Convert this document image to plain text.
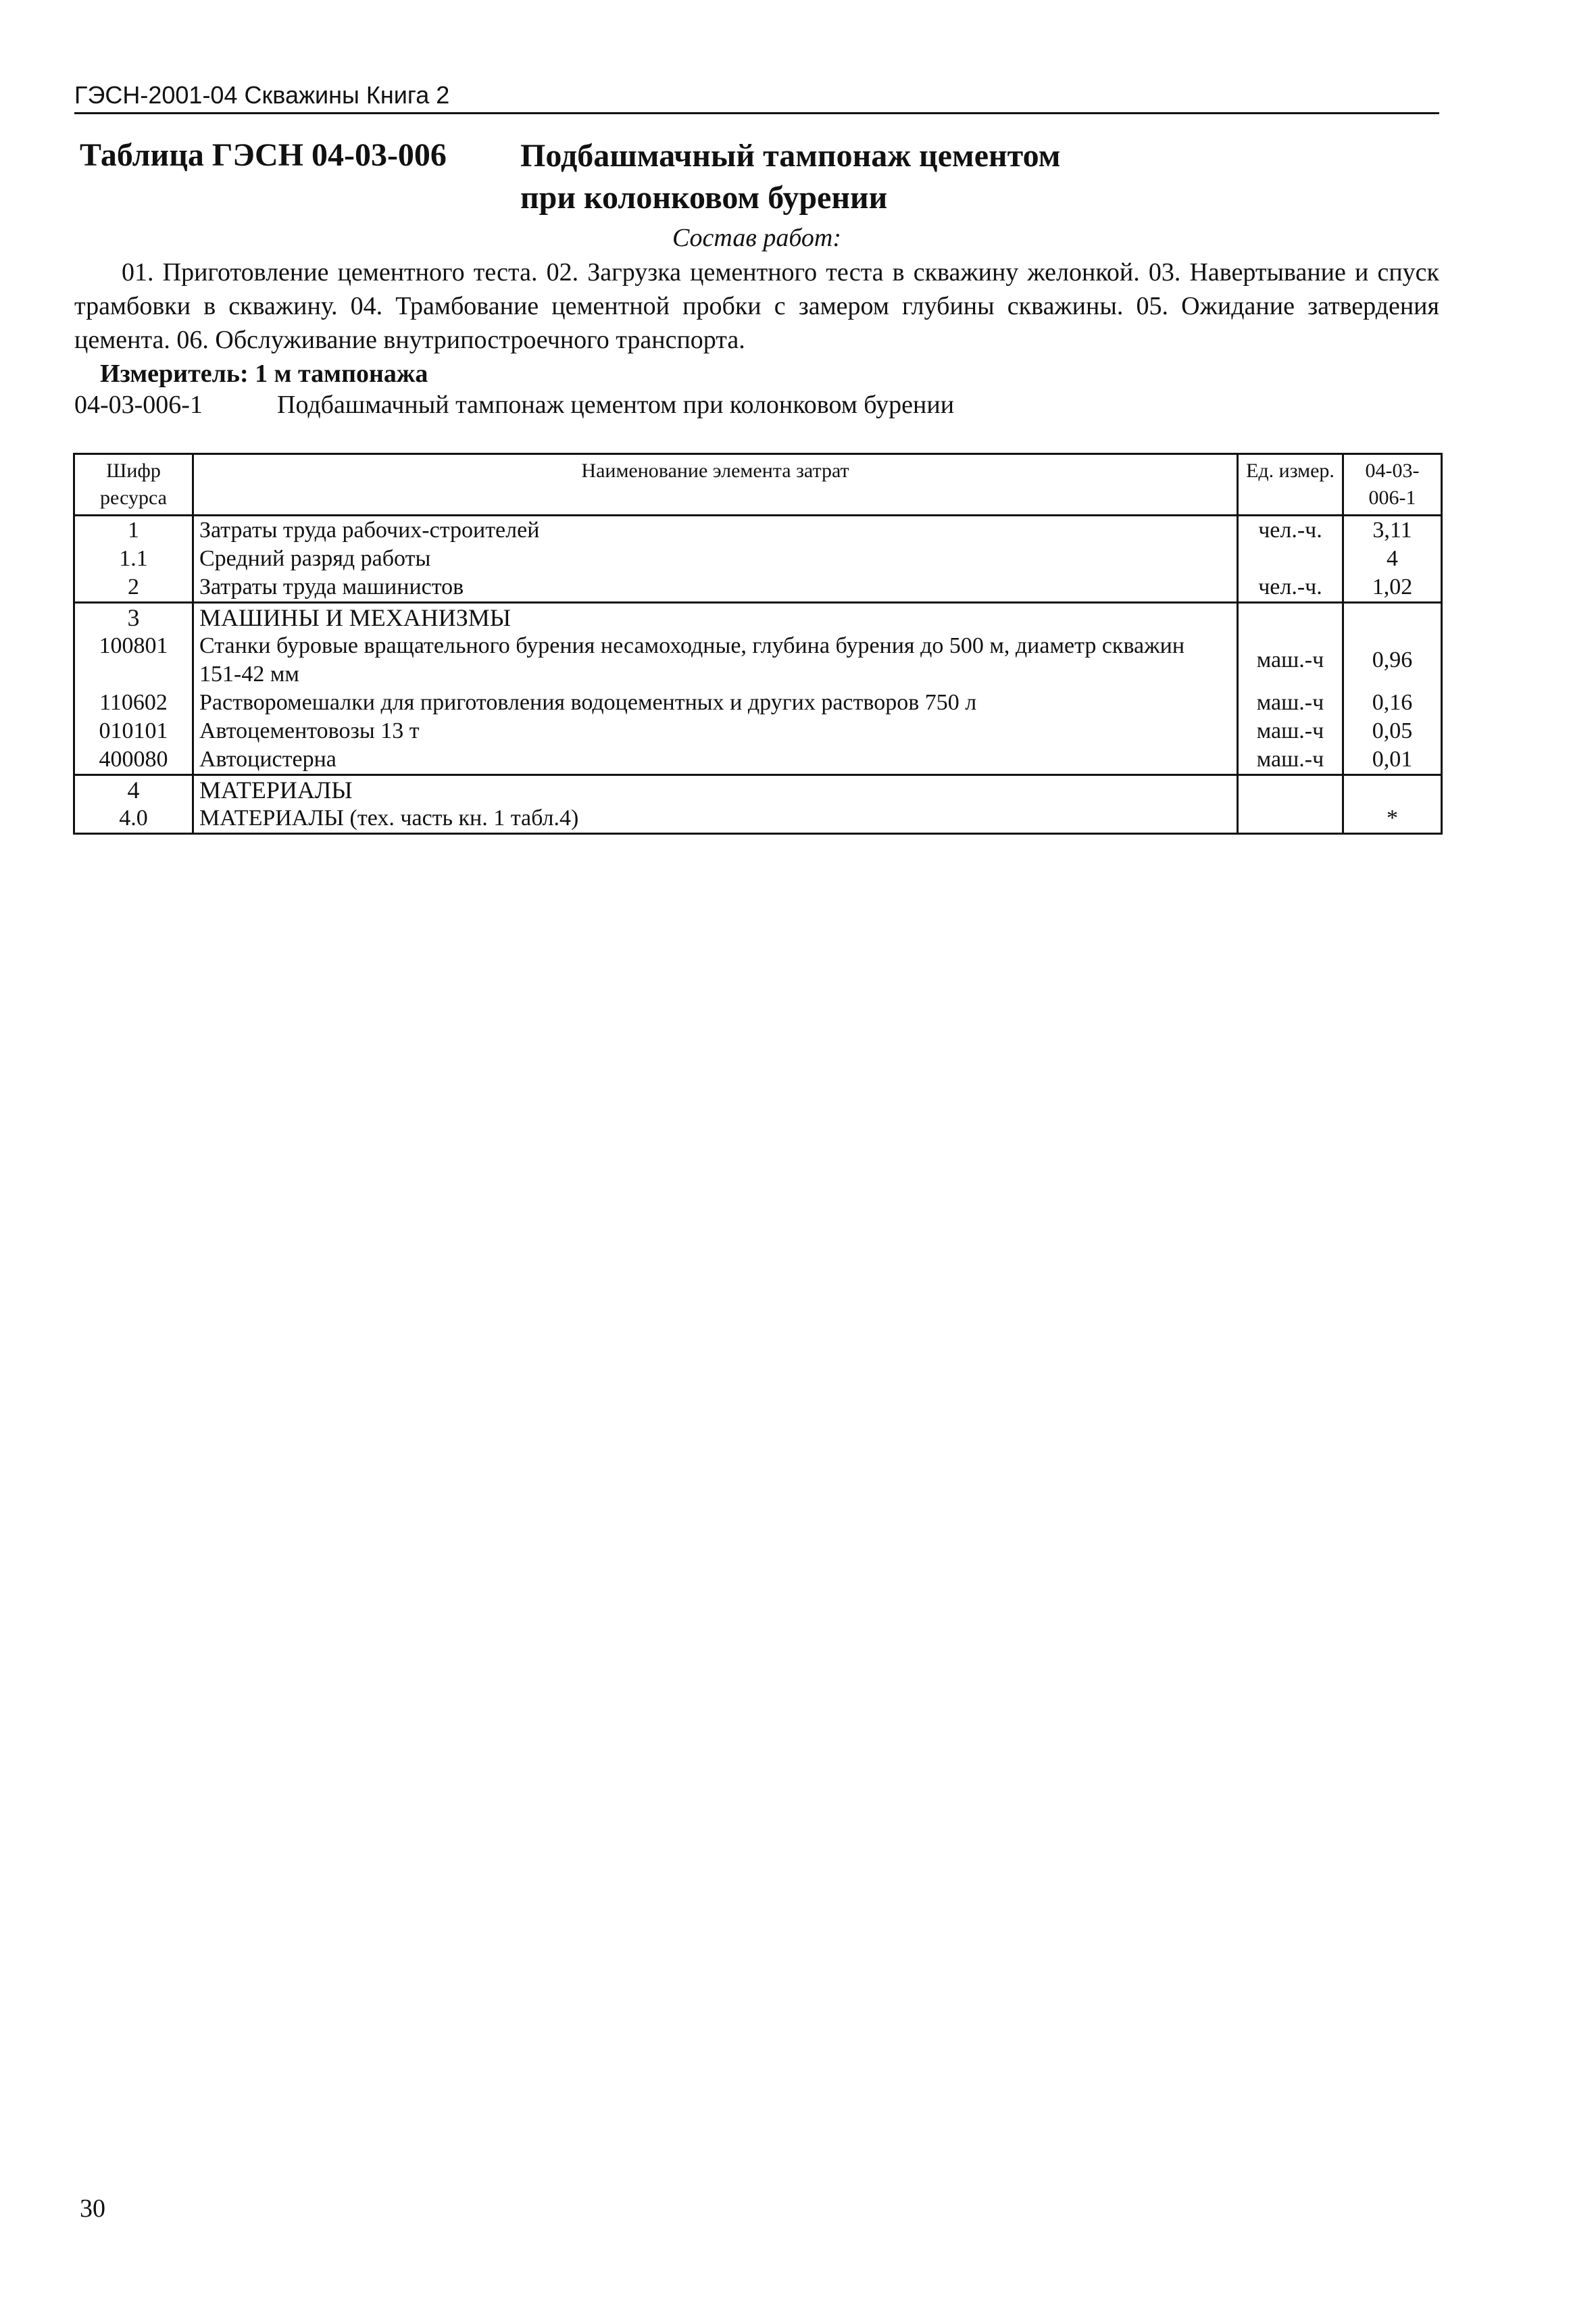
ГЭСН-2001-04 Скважины Книга 2
Таблица ГЭСН 04-03-006 Подбашмачный тампонаж цементом
при колонковом бурении
Состав работ:
01. Приготовление цементного теста. 02. Загрузка цементного теста в скважину желонкой. 03. Навертывание и спуск трамбовки в скважину. 04. Трамбование цементной пробки с замером глубины скважины. 05. Ожидание затвердения цемента. 06. Обслуживание внутрипостроечного транспорта.
Измеритель: 1 м тампонажа
04-03-006-1	Подбашмачный тампонаж цементом при колонковом бурении
Шифр ресурса	Наименование элемента затрат	Ед. измер.	04-03-006-1
1	Затраты труда рабочих-строителей	чел.-ч.	3,11
1.1	Средний разряд работы		4
2	Затраты труда машинистов	чел.-ч.	1,02
3	МАШИНЫ И МЕХАНИЗМЫ		
100801	Станки буровые вращательного бурения несамоходные, глубина бурения до 500 м, диаметр скважин 151-42 мм	маш.-ч	0,96
110602	Растворомешалки для приготовления водоцементных и других растворов 750 л	маш.-ч	0,16
010101	Автоцементовозы 13 т	маш.-ч	0,05
400080	Автоцистерна	маш.-ч	0,01
4	МАТЕРИАЛЫ		
4.0	МАТЕРИАЛЫ (тех. часть кн. 1 табл.4)		*
30
